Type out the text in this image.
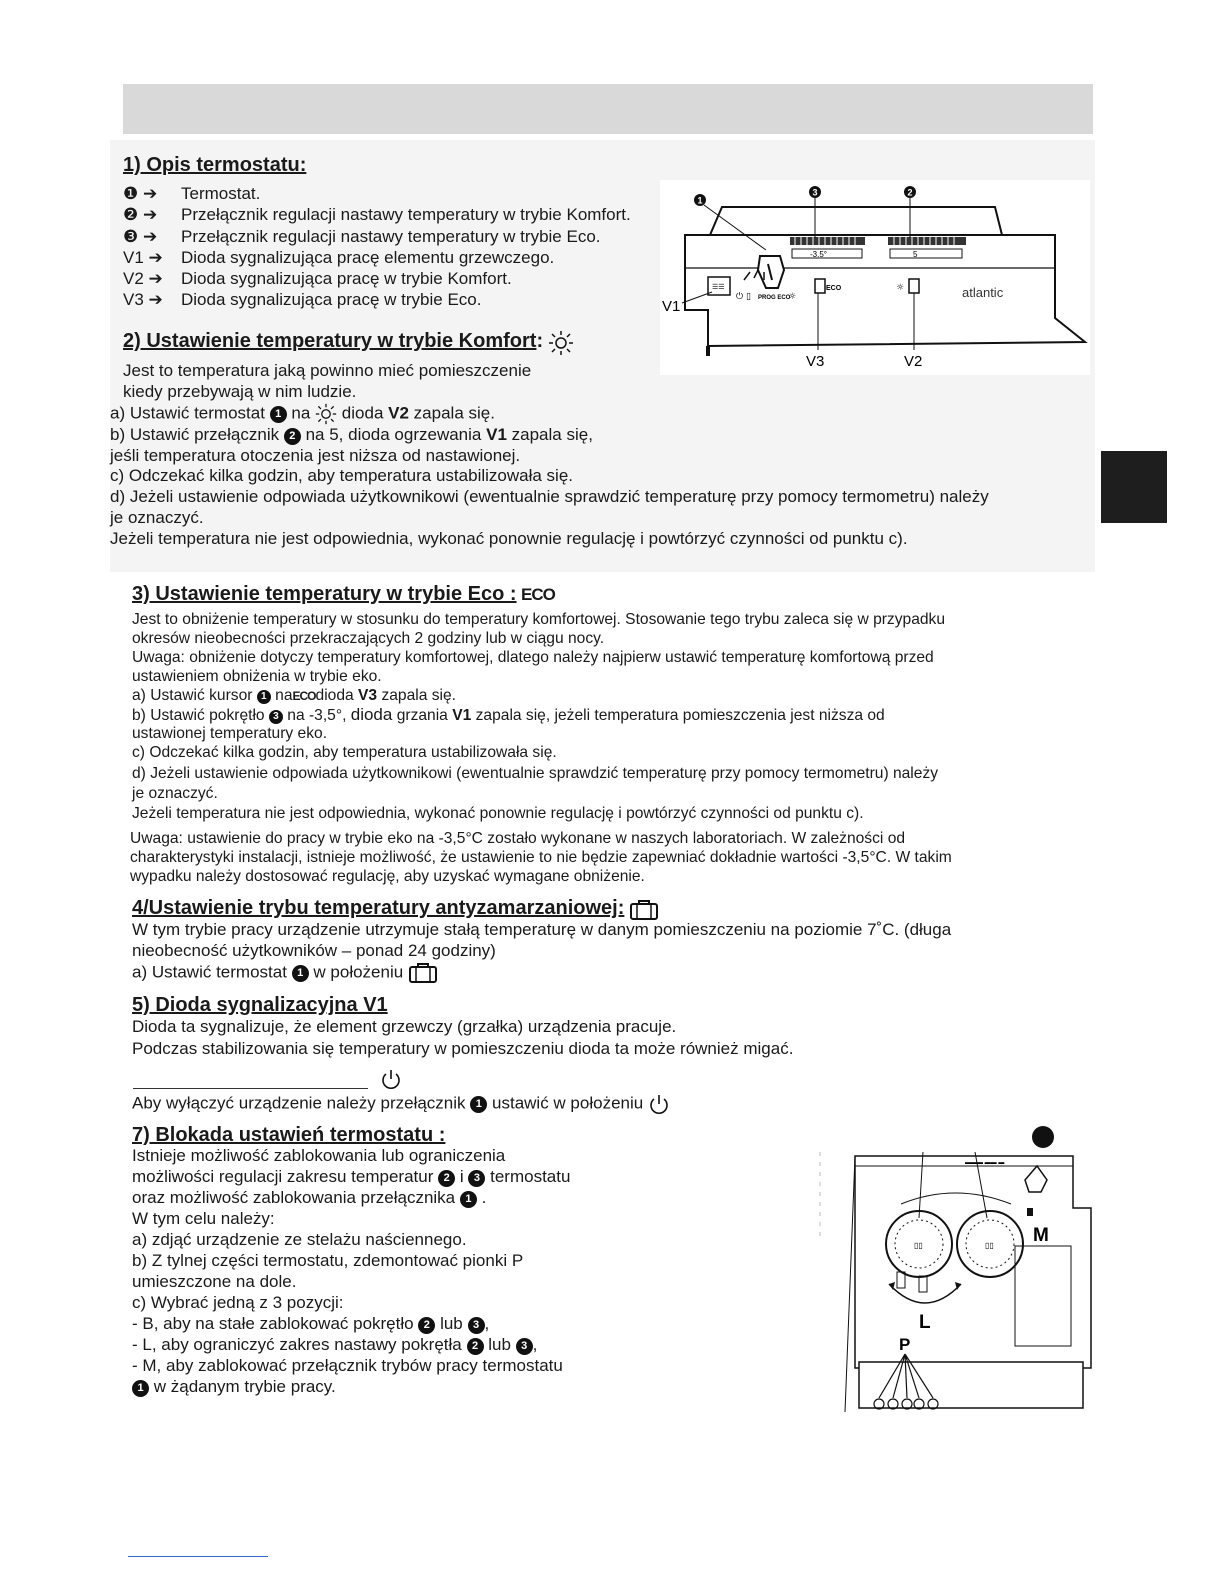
1) Opis termostatu:
❶ ➔ Termostat.
❷ ➔ Przełącznik regulacji nastawy temperatury w trybie Komfort.
❸ ➔ Przełącznik regulacji nastawy temperatury w trybie Eco.
V1 ➔ Dioda sygnalizująca pracę elementu grzewczego.
V2 ➔ Dioda sygnalizująca pracę w trybie Komfort.
V3 ➔ Dioda sygnalizująca pracę w trybie Eco.
-3.5°	5
☰☰
⏻ ▯ PROG ECO
☼
ECO	☼	atlantic
1
3	2
V1
V3	V2
2) Ustawienie temperatury w trybie Komfort:
Jest to temperatura jaką powinno mieć pomieszczenie
kiedy przebywają w nim ludzie.
a) Ustawić termostat 1 na dioda V2 zapala się.
b) Ustawić przełącznik 2 na 5, dioda ogrzewania V1 zapala się,
jeśli temperatura otoczenia jest niższa od nastawionej.
c) Odczekać kilka godzin, aby temperatura ustabilizowała się.
d) Jeżeli ustawienie odpowiada użytkownikowi (ewentualnie sprawdzić temperaturę przy pomocy termometru) należy
je oznaczyć.
Jeżeli temperatura nie jest odpowiednia, wykonać ponownie regulację i powtórzyć czynności od punktu c).
3) Ustawienie temperatury w trybie Eco : ECO
Jest to obniżenie temperatury w stosunku do temperatury komfortowej. Stosowanie tego trybu zaleca się w przypadku
okresów nieobecności przekraczających 2 godziny lub w ciągu nocy.
Uwaga: obniżenie dotyczy temperatury komfortowej, dlatego należy najpierw ustawić temperaturę komfortową przed
ustawieniem obniżenia w trybie eko.
a) Ustawić kursor 1 naECOdioda V3 zapala się.
b) Ustawić pokrętło 3 na -3,5°, dioda grzania V1 zapala się, jeżeli temperatura pomieszczenia jest niższa od
ustawionej temperatury eko.
c) Odczekać kilka godzin, aby temperatura ustabilizowała się.
d) Jeżeli ustawienie odpowiada użytkownikowi (ewentualnie sprawdzić temperaturę przy pomocy termometru) należy
je oznaczyć.
Jeżeli temperatura nie jest odpowiednia, wykonać ponownie regulację i powtórzyć czynności od punktu c).
Uwaga: ustawienie do pracy w trybie eko na -3,5°C zostało wykonane w naszych laboratoriach. W zależności od
charakterystyki instalacji, istnieje możliwość, że ustawienie to nie będzie zapewniać dokładnie wartości -3,5°C. W takim
wypadku należy dostosować regulację, aby uzyskać wymagane obniżenie.
4/Ustawienie trybu temperatury antyzamarzaniowej:
W tym trybie pracy urządzenie utrzymuje stałą temperaturę w danym pomieszczeniu na poziomie 7˚C. (długa
nieobecność użytkowników – ponad 24 godziny)
a) Ustawić termostat 1 w położeniu
5) Dioda sygnalizacyjna V1
Dioda ta sygnalizuje, że element grzewczy (grzałka) urządzenia pracuje.
Podczas stabilizowania się temperatury w pomieszczeniu dioda ta może również migać.
Aby wyłączyć urządzenie należy przełącznik 1 ustawić w położeniu
7) Blokada ustawień termostatu :
Istnieje możliwość zablokowania lub ograniczenia
możliwości regulacji zakresu temperatur 2 i 3 termostatu
oraz możliwość zablokowania przełącznika 1 .
W tym celu należy:
a) zdjąć urządzenie ze stelażu naściennego.
b) Z tylnej części termostatu, zdemontować pionki P
umieszczone na dole.
c) Wybrać jedną z 3 pozycji:
- B, aby na stałe zablokować pokrętło 2 lub 3 ,
- L, aby ograniczyć zakres nastawy pokrętła 2 lub 3 ,
- M, aby zablokować przełącznik trybów pracy termostatu
1 w żądanym trybie pracy.
▬▬▬ ▬▬ ▬
▯▯	▯▯ M
L
P
